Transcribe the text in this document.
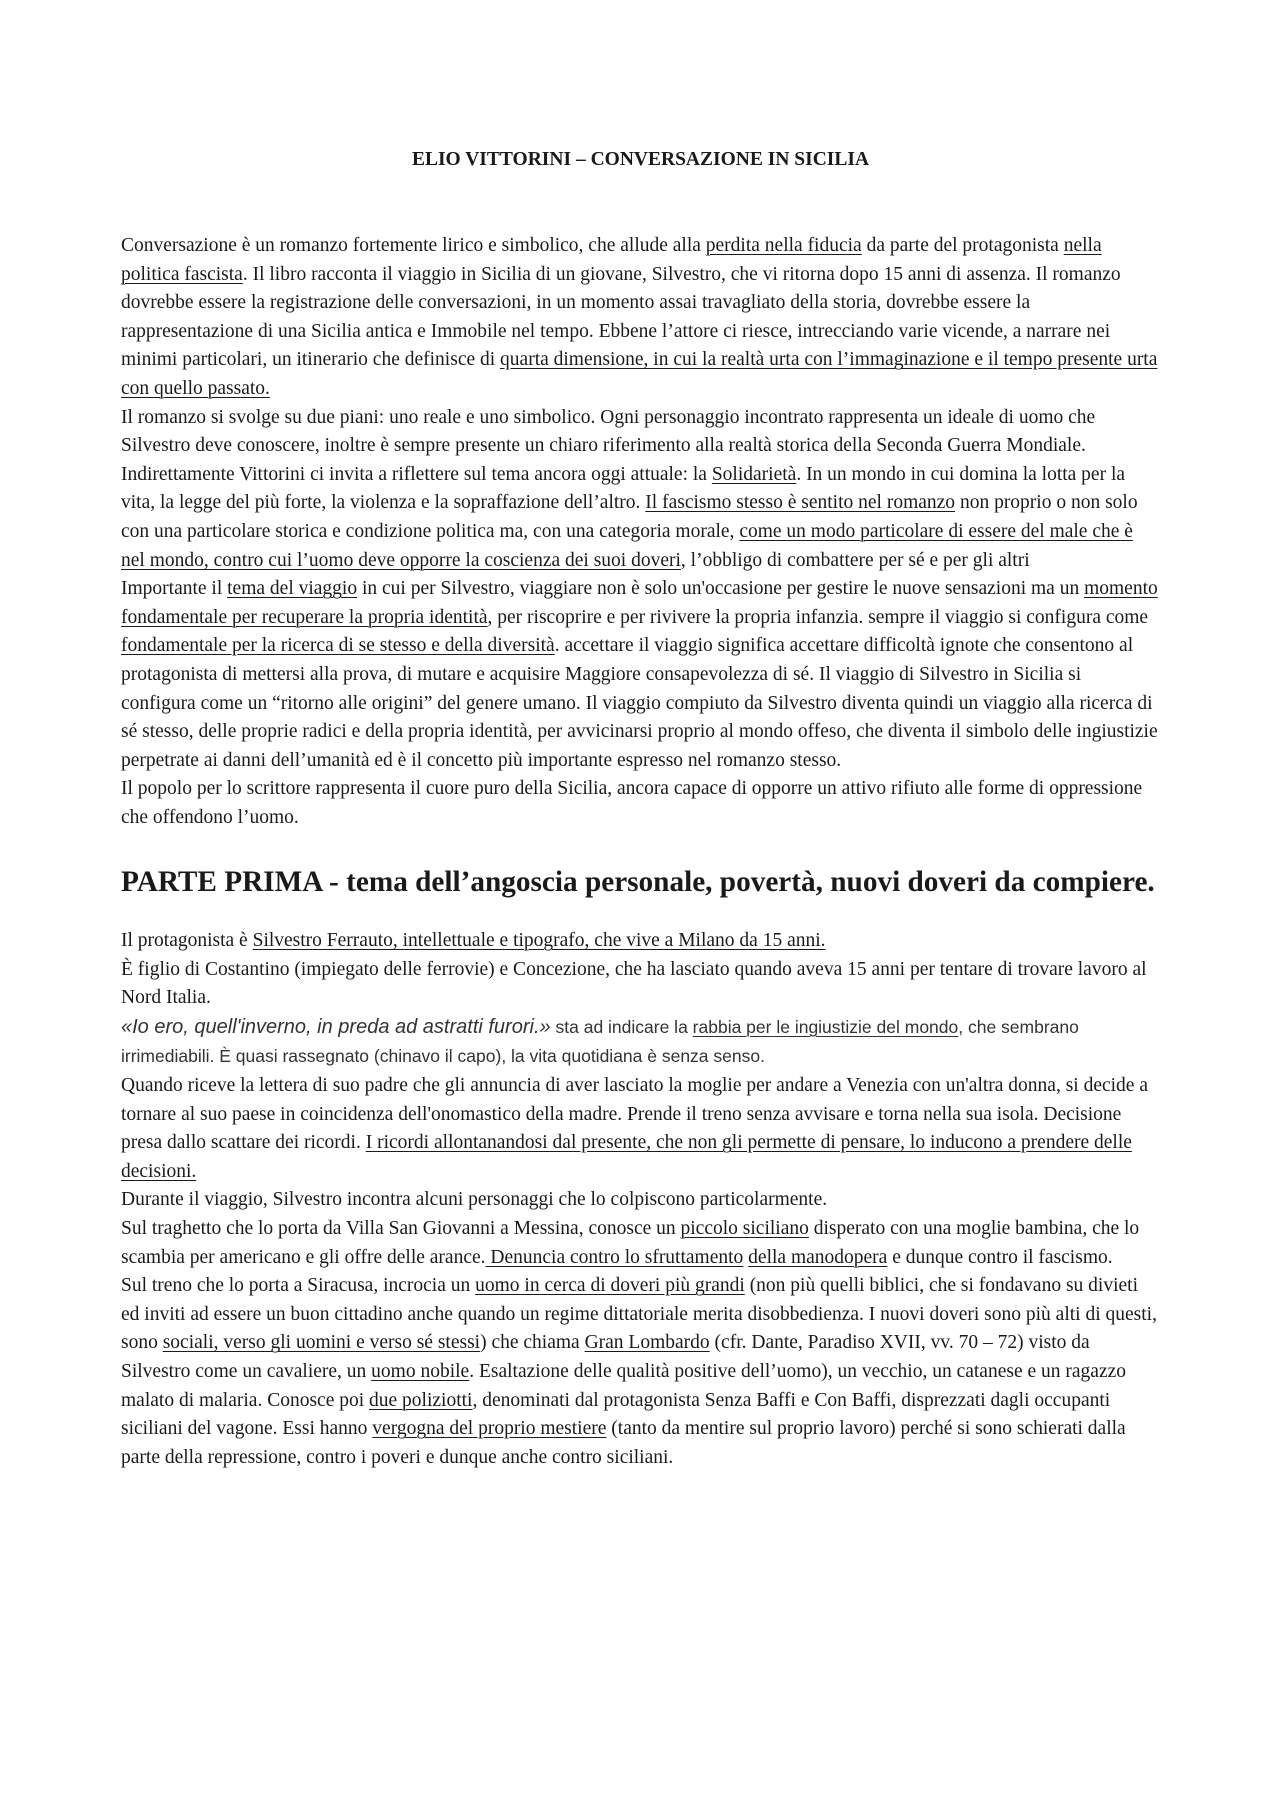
ELIO VITTORINI – CONVERSAZIONE IN SICILIA

Conversazione è un romanzo fortemente lirico e simbolico, che allude alla perdita nella fiducia da parte del protagonista nella politica fascista. Il libro racconta il viaggio in Sicilia di un giovane, Silvestro, che vi ritorna dopo 15 anni di assenza. Il romanzo dovrebbe essere la registrazione delle conversazioni, in un momento assai travagliato della storia, dovrebbe essere la rappresentazione di una Sicilia antica e Immobile nel tempo. Ebbene l’attore ci riesce, intrecciando varie vicende, a narrare nei minimi particolari, un itinerario che definisce di quarta dimensione, in cui la realtà urta con l’immaginazione e il tempo presente urta con quello passato.

Il romanzo si svolge su due piani: uno reale e uno simbolico. Ogni personaggio incontrato rappresenta un ideale di uomo che Silvestro deve conoscere, inoltre è sempre presente un chiaro riferimento alla realtà storica della Seconda Guerra Mondiale.

Indirettamente Vittorini ci invita a riflettere sul tema ancora oggi attuale: la Solidarietà. In un mondo in cui domina la lotta per la vita, la legge del più forte, la violenza e la sopraffazione dell’altro. Il fascismo stesso è sentito nel romanzo non proprio o non solo con una particolare storica e condizione politica ma, con una categoria morale, come un modo particolare di essere del male che è nel mondo, contro cui l’uomo deve opporre la coscienza dei suoi doveri, l’obbligo di combattere per sé e per gli altri

Importante il tema del viaggio in cui per Silvestro, viaggiare non è solo un'occasione per gestire le nuove sensazioni ma un momento fondamentale per recuperare la propria identità, per riscoprire e per rivivere la propria infanzia. sempre il viaggio si configura come fondamentale per la ricerca di se stesso e della diversità. accettare il viaggio significa accettare difficoltà ignote che consentono al protagonista di mettersi alla prova, di mutare e acquisire Maggiore consapevolezza di sé. Il viaggio di Silvestro in Sicilia si configura come un “ritorno alle origini” del genere umano. Il viaggio compiuto da Silvestro diventa quindi un viaggio alla ricerca di sé stesso, delle proprie radici e della propria identità, per avvicinarsi proprio al mondo offeso, che diventa il simbolo delle ingiustizie perpetrate ai danni dell’umanità ed è il concetto più importante espresso nel romanzo stesso.

Il popolo per lo scrittore rappresenta il cuore puro della Sicilia, ancora capace di opporre un attivo rifiuto alle forme di oppressione che offendono l’uomo.

PARTE PRIMA - tema dell’angoscia personale, povertà, nuovi doveri da compiere.

Il protagonista è Silvestro Ferrauto, intellettuale e tipografo, che vive a Milano da 15 anni.

È figlio di Costantino (impiegato delle ferrovie) e Concezione, che ha lasciato quando aveva 15 anni per tentare di trovare lavoro al Nord Italia.

«Io ero, quell'inverno, in preda ad astratti furori.» sta ad indicare la rabbia per le ingiustizie del mondo, che sembrano irrimediabili. È quasi rassegnato (chinavo il capo), la vita quotidiana è senza senso.

Quando riceve la lettera di suo padre che gli annuncia di aver lasciato la moglie per andare a Venezia con un'altra donna, si decide a tornare al suo paese in coincidenza dell'onomastico della madre. Prende il treno senza avvisare e torna nella sua isola. Decisione presa dallo scattare dei ricordi. I ricordi allontanandosi dal presente, che non gli permette di pensare, lo inducono a prendere delle decisioni.

Durante il viaggio, Silvestro incontra alcuni personaggi che lo colpiscono particolarmente.

Sul traghetto che lo porta da Villa San Giovanni a Messina, conosce un piccolo siciliano disperato con una moglie bambina, che lo scambia per americano e gli offre delle arance. Denuncia contro lo sfruttamento della manodopera e dunque contro il fascismo.

Sul treno che lo porta a Siracusa, incrocia un uomo in cerca di doveri più grandi (non più quelli biblici, che si fondavano su divieti ed inviti ad essere un buon cittadino anche quando un regime dittatoriale merita disobbedienza. I nuovi doveri sono più alti di questi, sono sociali, verso gli uomini e verso sé stessi) che chiama Gran Lombardo (cfr. Dante, Paradiso XVII, vv. 70 – 72) visto da Silvestro come un cavaliere, un uomo nobile. Esaltazione delle qualità positive dell’uomo), un vecchio, un catanese e un ragazzo malato di malaria. Conosce poi due poliziotti, denominati dal protagonista Senza Baffi e Con Baffi, disprezzati dagli occupanti siciliani del vagone. Essi hanno vergogna del proprio mestiere (tanto da mentire sul proprio lavoro) perché si sono schierati dalla parte della repressione, contro i poveri e dunque anche contro siciliani.
